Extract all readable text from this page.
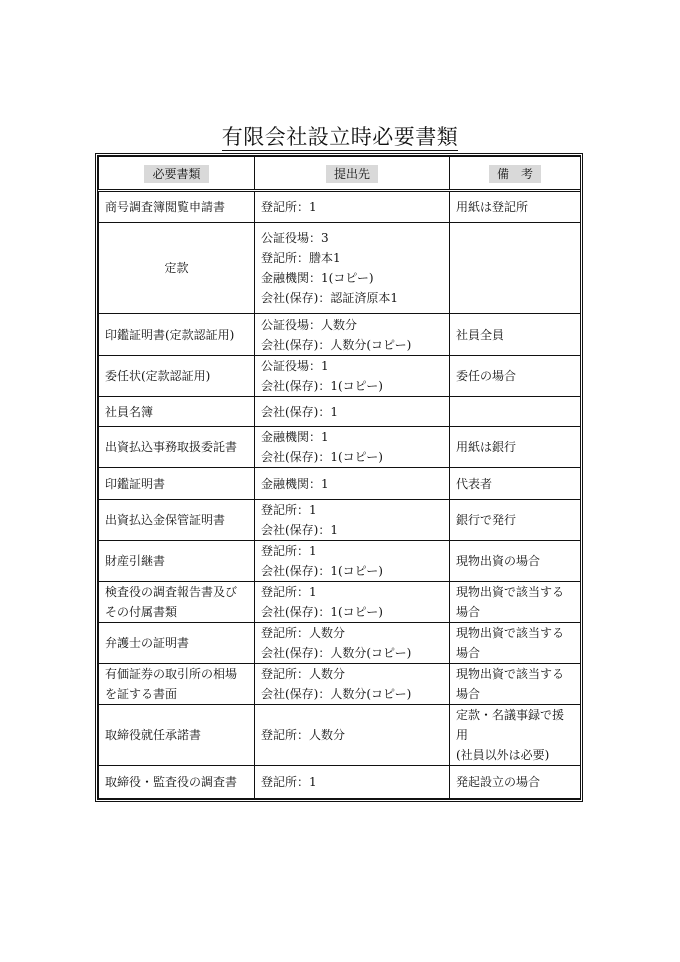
有限会社設立時必要書類
必要書類	提出先	備　考

商号調査簿閲覧申請書	登記所：1	用紙は登記所

定款	公証役場：3
登記所：謄本1
金融機関：1(コピー)
会社(保存)：認証済原本1	

印鑑証明書(定款認証用)	公証役場：人数分
会社(保存)：人数分(コピー)	社員全員

委任状(定款認証用)	公証役場：1
会社(保存)：1(コピー)	委任の場合

社員名簿	会社(保存)：1	

出資払込事務取扱委託書	金融機関：1
会社(保存)：1(コピー)	用紙は銀行

印鑑証明書	金融機関：1	代表者

出資払込金保管証明書	登記所：1
会社(保存)：1	銀行で発行

財産引継書	登記所：1
会社(保存)：1(コピー)	現物出資の場合

検査役の調査報告書及びその付属書類	登記所：1
会社(保存)：1(コピー)	現物出資で該当する場合

弁護士の証明書	登記所：人数分
会社(保存)：人数分(コピー)	現物出資で該当する場合

有価証券の取引所の相場を証する書面	登記所：人数分
会社(保存)：人数分(コピー)	現物出資で該当する場合

取締役就任承諾書	登記所：人数分	定款・名議事録で援用
(社員以外は必要)

取締役・監査役の調査書	登記所：1	発起設立の場合
